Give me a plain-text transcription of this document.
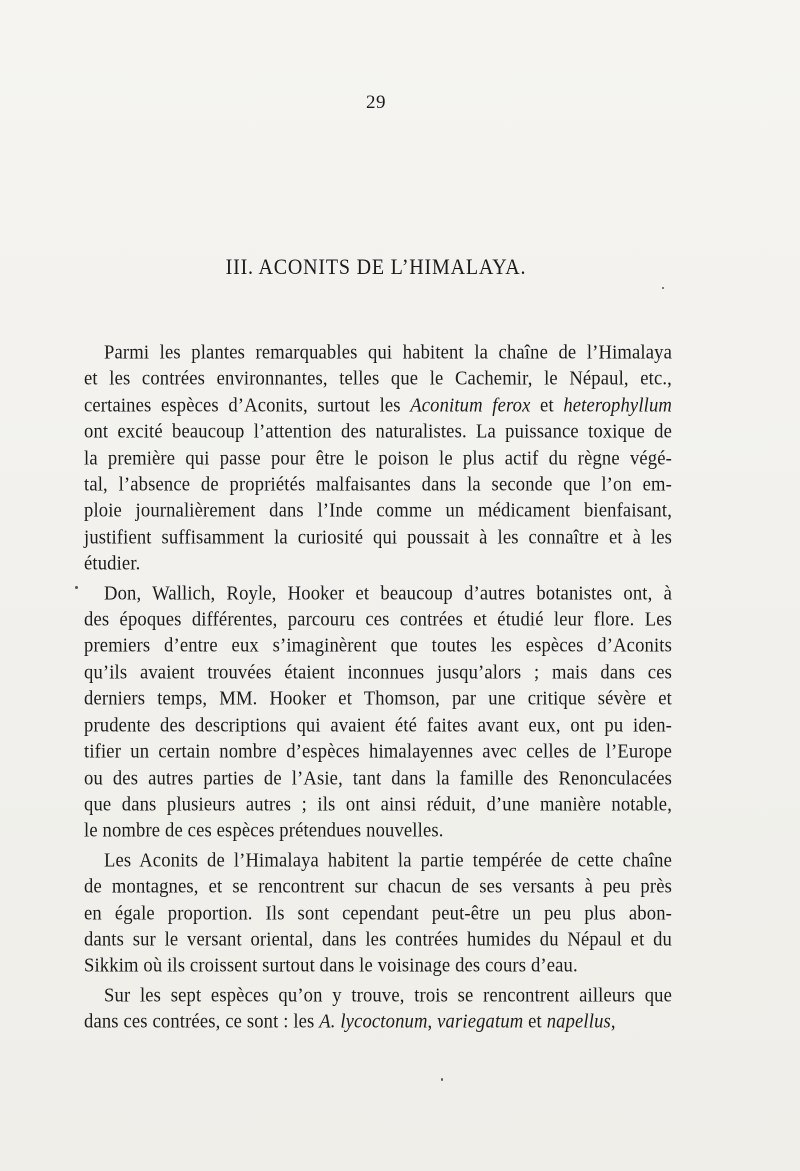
29
III. ACONITS DE L’HIMALAYA.
Parmi les plantes remarquables qui habitent la chaîne de l’Himalaya
et les contrées environnantes, telles que le Cachemir, le Népaul, etc.,
certaines espèces d’Aconits, surtout les Aconitum ferox et heterophyllum
ont excité beaucoup l’attention des naturalistes. La puissance toxique de
la première qui passe pour être le poison le plus actif du règne végé-
tal, l’absence de propriétés malfaisantes dans la seconde que l’on em-
ploie journalièrement dans l’Inde comme un médicament bienfaisant,
justifient suffisamment la curiosité qui poussait à les connaître et à les
étudier.
Don, Wallich, Royle, Hooker et beaucoup d’autres botanistes ont, à
des époques différentes, parcouru ces contrées et étudié leur flore. Les
premiers d’entre eux s’imaginèrent que toutes les espèces d’Aconits
qu’ils avaient trouvées étaient inconnues jusqu’alors ; mais dans ces
derniers temps, MM. Hooker et Thomson, par une critique sévère et
prudente des descriptions qui avaient été faites avant eux, ont pu iden-
tifier un certain nombre d’espèces himalayennes avec celles de l’Europe
ou des autres parties de l’Asie, tant dans la famille des Renonculacées
que dans plusieurs autres ; ils ont ainsi réduit, d’une manière notable,
le nombre de ces espèces prétendues nouvelles.
Les Aconits de l’Himalaya habitent la partie tempérée de cette chaîne
de montagnes, et se rencontrent sur chacun de ses versants à peu près
en égale proportion. Ils sont cependant peut-être un peu plus abon-
dants sur le versant oriental, dans les contrées humides du Népaul et du
Sikkim où ils croissent surtout dans le voisinage des cours d’eau.
Sur les sept espèces qu’on y trouve, trois se rencontrent ailleurs que
dans ces contrées, ce sont : les A. lycoctonum, variegatum et napellus,
